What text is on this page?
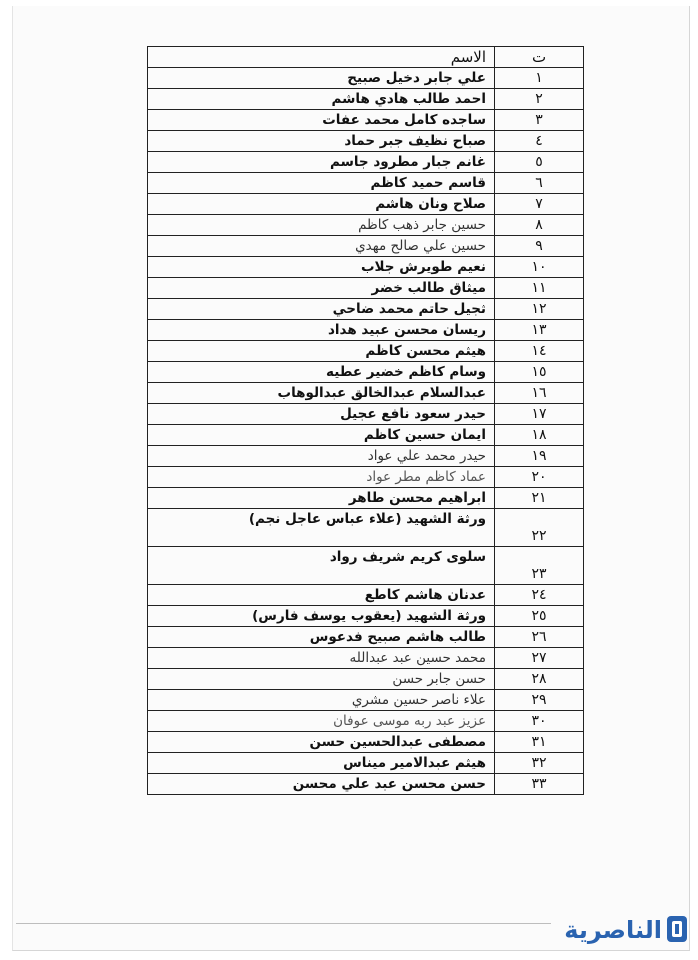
ت	الاسم
١	علي جابر دخيل صبيح
٢	احمد طالب هادي هاشم
٣	ساجده كامل محمد عفات
٤	صباح نظيف جبر حماد
٥	غانم جبار مطرود جاسم
٦	قاسم حميد كاظم
٧	صلاح ونان هاشم
٨	حسين جابر ذهب كاظم
٩	حسين علي صالح مهدي
١٠	نعيم طويرش جلاب
١١	ميثاق طالب خضر
١٢	ثجيل حاتم محمد ضاحي
١٣	ريسان محسن عبيد هداد
١٤	هيثم محسن كاظم
١٥	وسام كاظم خضير عطيه
١٦	عبدالسلام عبدالخالق عبدالوهاب
١٧	حيدر سعود نافع عجيل
١٨	ايمان حسين كاظم
١٩	حيدر محمد علي عواد
٢٠	عماد كاظم مطر عواد
٢١	ابراهيم محسن طاهر
٢٢	ورثة الشهيد (علاء عباس عاجل نجم)
٢٣	سلوى كريم شريف رواد
٢٤	عدنان هاشم كاطع
٢٥	ورثة الشهيد (يعقوب يوسف فارس)
٢٦	طالب هاشم صبيح فدعوس
٢٧	محمد حسين عبد عبدالله
٢٨	حسن جابر حسن
٢٩	علاء ناصر حسين مشري
٣٠	عزيز عبد ربه موسى عوفان
٣١	مصطفى عبدالحسين حسن
٣٢	هيثم عبدالامير ميناس
٣٣	حسن محسن عبد علي محسن
الناصرية
